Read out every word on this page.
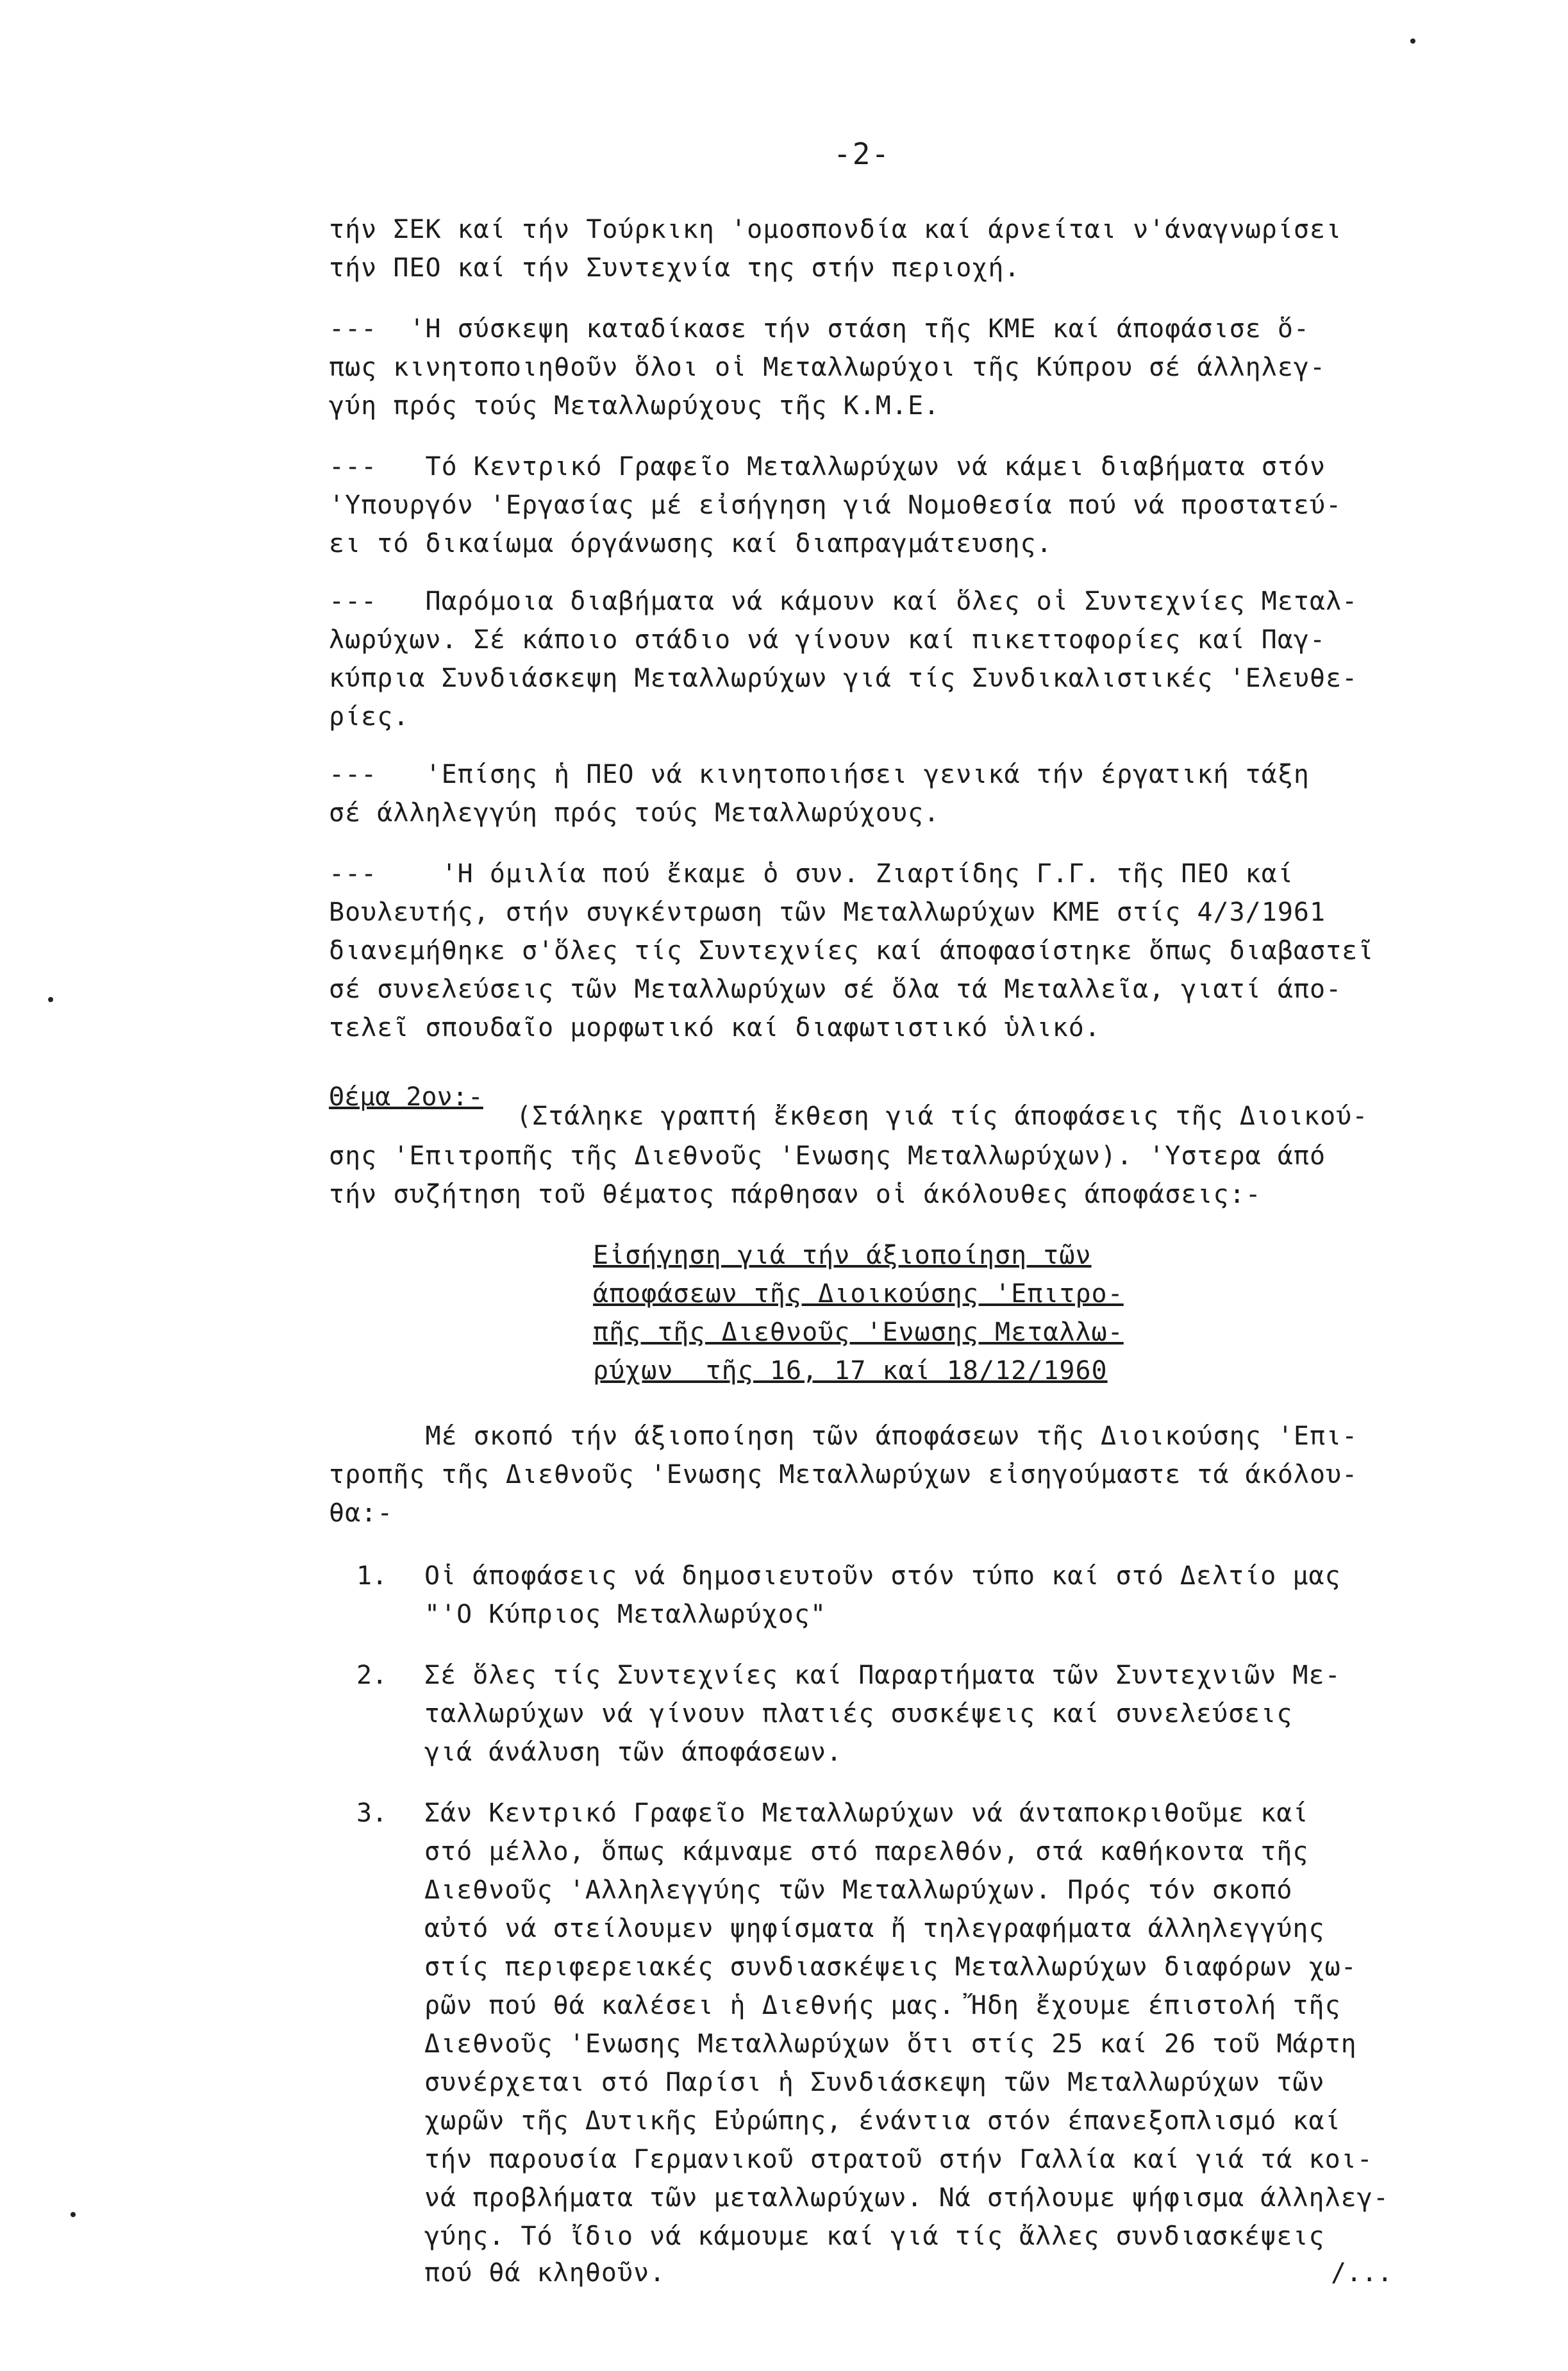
-2-
τήν ΣΕΚ καί τήν Τούρκικη 'ομοσπονδία καί άρνείται ν'άναγνωρίσει
τήν ΠΕΟ καί τήν Συντεχνία της στήν περιοχή.
---  'Η σύσκεψη καταδίκασε τήν στάση τῆς ΚΜΕ καί άποφάσισε ὅ-
πως κινητοποιηθοῦν ὅλοι οἱ Μεταλλωρύχοι τῆς Κύπρου σέ άλληλεγ-
γύη πρός τούς Μεταλλωρύχους τῆς Κ.Μ.Ε.
---   Τό Κεντρικό Γραφεῖο Μεταλλωρύχων νά κάμει διαβήματα στόν
'Υπουργόν 'Εργασίας μέ εἰσήγηση γιά Νομοθεσία πού νά προστατεύ-
ει τό δικαίωμα όργάνωσης καί διαπραγμάτευσης.
---   Παρόμοια διαβήματα νά κάμουν καί ὅλες οἱ Συντεχνίες Μεταλ-
λωρύχων. Σέ κάποιο στάδιο νά γίνουν καί πικεττοφορίες καί Παγ-
κύπρια Συνδιάσκεψη Μεταλλωρύχων γιά τίς Συνδικαλιστικές 'Ελευθε-
ρίες.
---   'Επίσης ἡ ΠΕΟ νά κινητοποιήσει γενικά τήν έργατική τάξη
σέ άλληλεγγύη πρός τούς Μεταλλωρύχους.
---    'Η όμιλία πού ἔκαμε ὁ συν. Ζιαρτίδης Γ.Γ. τῆς ΠΕΟ καί
Βουλευτής, στήν συγκέντρωση τῶν Μεταλλωρύχων ΚΜΕ στίς 4/3/1961
διανεμήθηκε σ'ὅλες τίς Συντεχνίες καί άποφασίστηκε ὅπως διαβαστεῖ
σέ συνελεύσεις τῶν Μεταλλωρύχων σέ ὅλα τά Μεταλλεῖα, γιατί άπο-
τελεῖ σπουδαῖο μορφωτικό καί διαφωτιστικό ὑλικό.
Θέμα 2ον:-
(Στάληκε γραπτή ἔκθεση γιά τίς άποφάσεις τῆς Διοικού-
σης 'Επιτροπῆς τῆς Διεθνοῦς 'Ενωσης Μεταλλωρύχων). 'Υστερα άπό
τήν συζήτηση τοῦ θέματος πάρθησαν οἱ άκόλουθες άποφάσεις:-
Εἰσήγηση γιά τήν άξιοποίηση τῶν
άποφάσεων τῆς Διοικούσης 'Επιτρο-
πῆς τῆς Διεθνοῦς 'Ενωσης Μεταλλω-
ρύχων  τῆς 16, 17 καί 18/12/1960
Μέ σκοπό τήν άξιοποίηση τῶν άποφάσεων τῆς Διοικούσης 'Επι-
τροπῆς τῆς Διεθνοῦς 'Ενωσης Μεταλλωρύχων εἰσηγούμαστε τά άκόλου-
θα:-
1. Οἱ άποφάσεις νά δημοσιευτοῦν στόν τύπο καί στό Δελτίο μας
"'Ο Κύπριος Μεταλλωρύχος"
2. Σέ ὅλες τίς Συντεχνίες καί Παραρτήματα τῶν Συντεχνιῶν Με-
ταλλωρύχων νά γίνουν πλατιές συσκέψεις καί συνελεύσεις
γιά άνάλυση τῶν άποφάσεων.
3. Σάν Κεντρικό Γραφεῖο Μεταλλωρύχων νά άνταποκριθοῦμε καί
στό μέλλο, ὅπως κάμναμε στό παρελθόν, στά καθήκοντα τῆς
Διεθνοῦς 'Αλληλεγγύης τῶν Μεταλλωρύχων. Πρός τόν σκοπό
αὐτό νά στείλουμεν ψηφίσματα ἤ τηλεγραφήματα άλληλεγγύης
στίς περιφερειακές συνδιασκέψεις Μεταλλωρύχων διαφόρων χω-
ρῶν πού θά καλέσει ἡ Διεθνής μας. Ἤδη ἔχουμε έπιστολή τῆς
Διεθνοῦς 'Ενωσης Μεταλλωρύχων ὅτι στίς 25 καί 26 τοῦ Μάρτη
συνέρχεται στό Παρίσι ἡ Συνδιάσκεψη τῶν Μεταλλωρύχων τῶν
χωρῶν τῆς Δυτικῆς Εὐρώπης, ένάντια στόν έπανεξοπλισμό καί
τήν παρουσία Γερμανικοῦ στρατοῦ στήν Γαλλία καί γιά τά κοι-
νά προβλήματα τῶν μεταλλωρύχων. Νά στήλουμε ψήφισμα άλληλεγ-
γύης. Τό ἴδιο νά κάμουμε καί γιά τίς ἄλλες συνδιασκέψεις
πού θά κληθοῦν.	/...
